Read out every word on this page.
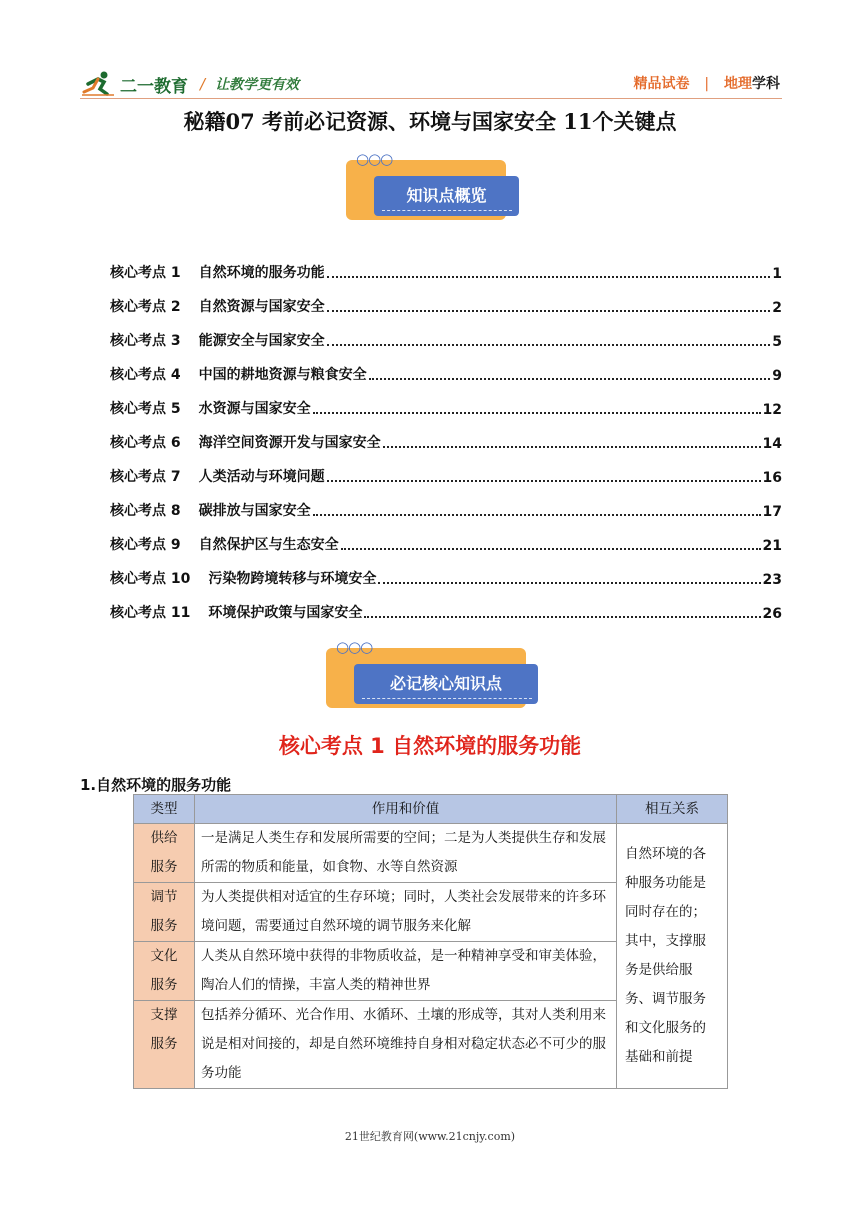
二一教育 / 让教学更有效	精品试卷 | 地理学科
秘籍07 考前必记资源、环境与国家安全 11个关键点
○○○
知识点概览
核心考点 1 自然环境的服务功能	1
核心考点 2 自然资源与国家安全	2
核心考点 3 能源安全与国家安全	5
核心考点 4 中国的耕地资源与粮食安全	9
核心考点 5 水资源与国家安全	12
核心考点 6 海洋空间资源开发与国家安全	14
核心考点 7 人类活动与环境问题	16
核心考点 8 碳排放与国家安全	17
核心考点 9 自然保护区与生态安全	21
核心考点 10 污染物跨境转移与环境安全	23
核心考点 11 环境保护政策与国家安全	26
○○○
必记核心知识点
核心考点 1 自然环境的服务功能
1.自然环境的服务功能
类型	作用和价值	相互关系
供给
服务	一是满足人类生存和发展所需要的空间；二是为人类提供生存和发展所需的物质和能量，如食物、水等自然资源	自然环境的各种服务功能是同时存在的；其中，支撑服务是供给服务、调节服务和文化服务的基础和前提
调节
服务	为人类提供相对适宜的生存环境；同时，人类社会发展带来的许多环境问题，需要通过自然环境的调节服务来化解	
文化
服务	人类从自然环境中获得的非物质收益，是一种精神享受和审美体验，陶冶人们的情操，丰富人类的精神世界	
支撑
服务	包括养分循环、光合作用、水循环、土壤的形成等，其对人类利用来说是相对间接的，却是自然环境维持自身相对稳定状态必不可少的服务功能	
21世纪教育网(www.21cnjy.com)
